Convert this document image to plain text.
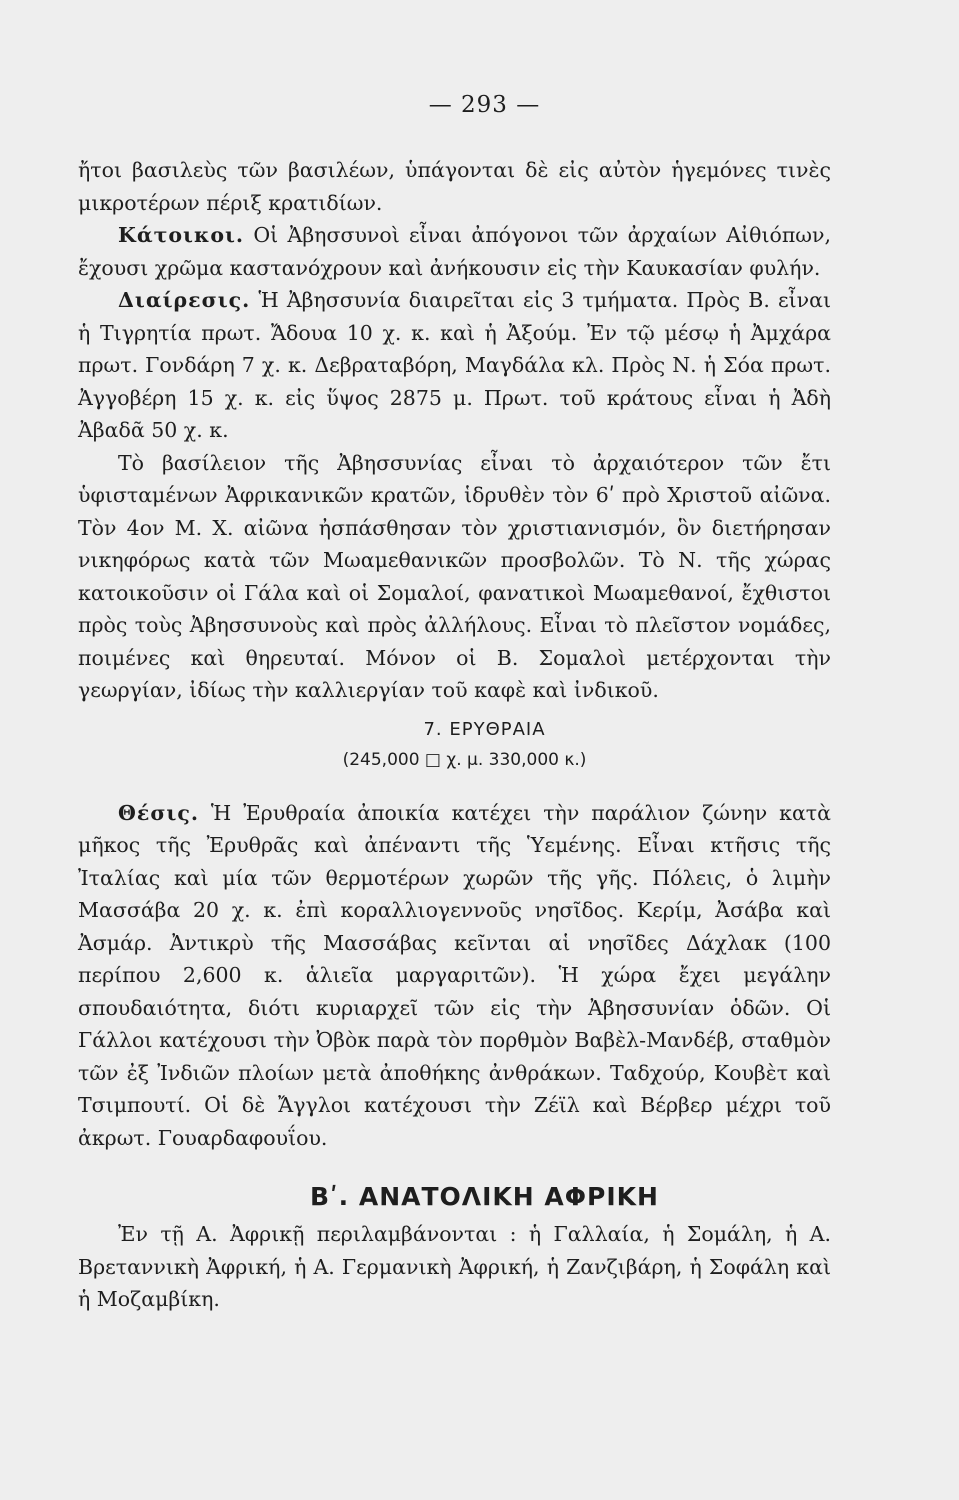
— 293 —

ἤτοι βασιλεὺς τῶν βασιλέων, ὑπάγονται δὲ εἰς αὐτὸν ἡγεμόνες τινὲς μικροτέρων πέριξ κρατιδίων.

Κάτοικοι. Οἱ Ἀβησσυνοὶ εἶναι ἀπόγονοι τῶν ἀρχαίων Αἰθιόπων, ἔχουσι χρῶμα καστανόχρουν καὶ ἀνήκουσιν εἰς τὴν Καυκασίαν φυλήν.

Διαίρεσις. Ἡ Ἀβησσυνία διαιρεῖται εἰς 3 τμήματα. Πρὸς Β. εἶναι ἡ Τιγρητία πρωτ. Ἄδουα 10 χ. κ. καὶ ἡ Ἀξούμ. Ἐν τῷ μέσῳ ἡ Ἀμχάρα πρωτ. Γονδάρη 7 χ. κ. Δεβραταβόρη, Μαγδάλα κλ. Πρὸς Ν. ἡ Σόα πρωτ. Ἀγγοβέρη 15 χ. κ. εἰς ὕψος 2875 μ. Πρωτ. τοῦ κράτους εἶναι ἡ Ἀδὴ Ἀβαδᾶ 50 χ. κ.

Τὸ βασίλειον τῆς Ἀβησσυνίας εἶναι τὸ ἀρχαιότερον τῶν ἔτι ὑφισταμένων Ἀφρικανικῶν κρατῶν, ἱδρυθὲν τὸν 6ʹ πρὸ Χριστοῦ αἰῶνα. Τὸν 4ον Μ. Χ. αἰῶνα ἠσπάσθησαν τὸν χριστιανισμόν, ὃν διετήρησαν νικηφόρως κατὰ τῶν Μωαμεθανικῶν προσβολῶν. Τὸ Ν. τῆς χώρας κατοικοῦσιν οἱ Γάλα καὶ οἱ Σομαλοί, φανατικοὶ Μωαμεθανοί, ἔχθιστοι πρὸς τοὺς Ἀβησσυνοὺς καὶ πρὸς ἀλλήλους. Εἶναι τὸ πλεῖστον νομάδες, ποιμένες καὶ θηρευταί. Μόνον οἱ Β. Σομαλοὶ μετέρχονται τὴν γεωργίαν, ἰδίως τὴν καλλιεργίαν τοῦ καφὲ καὶ ἰνδικοῦ.

7. ΕΡΥΘΡΑΙΑ
(245,000 □ χ. μ. 330,000 κ.)

Θέσις. Ἡ Ἐρυθραία ἀποικία κατέχει τὴν παράλιον ζώνην κατὰ μῆκος τῆς Ἐρυθρᾶς καὶ ἀπέναντι τῆς Ὑεμένης. Εἶναι κτῆσις τῆς Ἰταλίας καὶ μία τῶν θερμοτέρων χωρῶν τῆς γῆς. Πόλεις, ὁ λιμὴν Μασσάβα 20 χ. κ. ἐπὶ κοραλλιογεννοῦς νησῖδος. Κερίμ, Ἀσάβα καὶ Ἀσμάρ. Ἀντικρὺ τῆς Μασσάβας κεῖνται αἱ νησῖδες Δάχλακ (100 περίπου 2,600 κ. ἁλιεῖα μαργαριτῶν). Ἡ χώρα ἔχει μεγάλην σπουδαιότητα, διότι κυριαρχεῖ τῶν εἰς τὴν Ἀβησσυνίαν ὁδῶν. Οἱ Γάλλοι κατέχουσι τὴν Ὀβὸκ παρὰ τὸν πορθμὸν Βαβὲλ-Μανδέβ, σταθμὸν τῶν ἐξ Ἰνδιῶν πλοίων μετὰ ἀποθήκης ἀνθράκων. Ταδχούρ, Κουβὲτ καὶ Τσιμπουτί. Οἱ δὲ Ἄγγλοι κατέχουσι τὴν Ζέϊλ καὶ Βέρβερ μέχρι τοῦ ἀκρωτ. Γουαρδαφουΐου.

Βʹ. ΑΝΑΤΟΛΙΚΗ ΑΦΡΙΚΗ

Ἐν τῇ Α. Ἀφρικῇ περιλαμβάνονται : ἡ Γαλλαία, ἡ Σομάλη, ἡ Α. Βρεταννικὴ Ἀφρική, ἡ Α. Γερμανικὴ Ἀφρική, ἡ Ζανζιβάρη, ἡ Σοφάλη καὶ ἡ Μοζαμβίκη.
